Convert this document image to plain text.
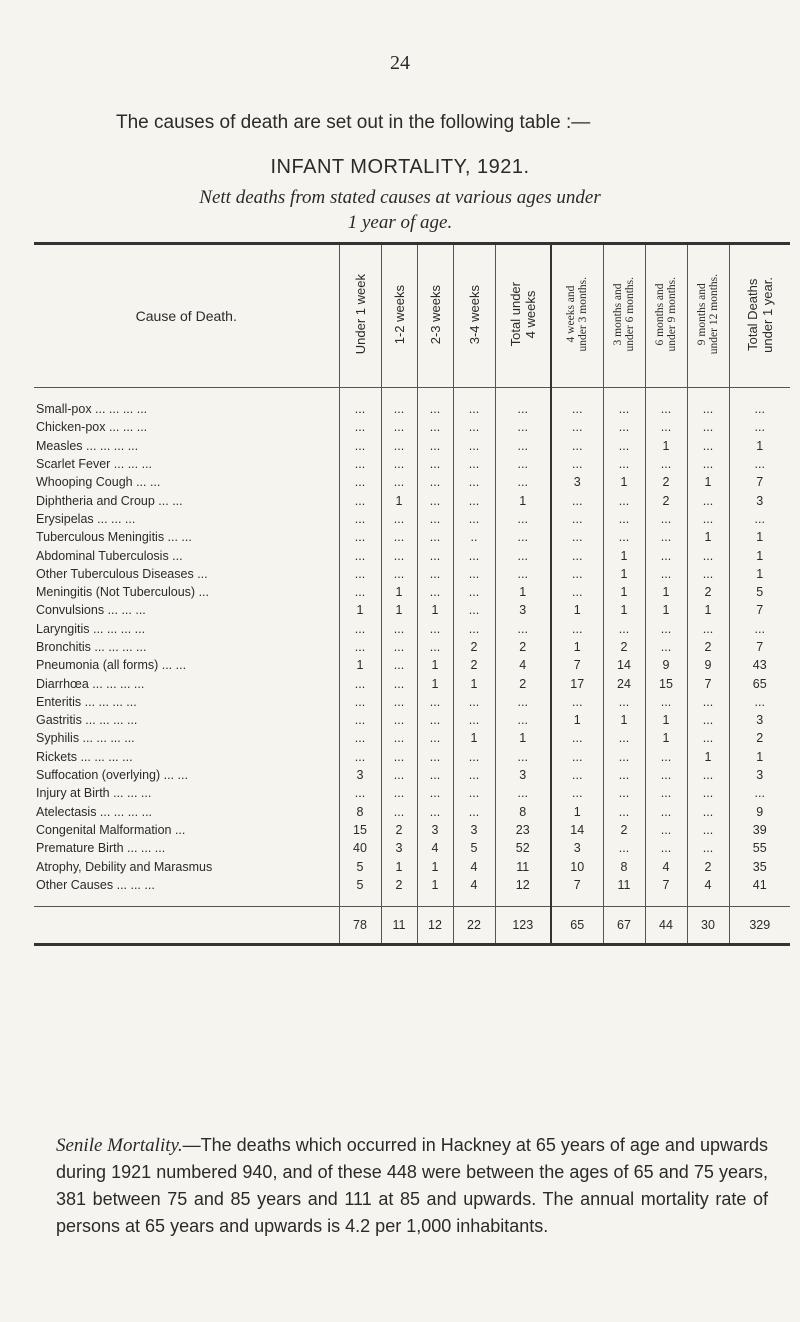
24
The causes of death are set out in the following table :—
INFANT MORTALITY, 1921.
Nett deaths from stated causes at various ages under
1 year of age.
Cause of Death.	Under 1 week	1-2 weeks	2-3 weeks	3-4 weeks	Total under 4 weeks	4 weeks and under 3 months.	3 months and under 6 months.	6 months and under 9 months.	9 months and under 12 months.	Total Deaths under 1 year.

Small-pox ... ... ... ...	...	...	...	...	...	...	...	...	...	...
Chicken-pox ... ... ...	...	...	...	...	...	...	...	...	...	...
Measles ... ... ... ...	...	...	...	...	...	...	...	1	...	1
Scarlet Fever ... ... ...	...	...	...	...	...	...	...	...	...	...
Whooping Cough ... ...	...	...	...	...	...	3	1	2	1	7
Diphtheria and Croup ... ...	...	1	...	...	1	...	...	2	...	3
Erysipelas ... ... ...	...	...	...	...	...	...	...	...	...	...
Tuberculous Meningitis ... ...	...	...	...	..	...	...	...	...	1	1
Abdominal Tuberculosis ...	...	...	...	...	...	...	1	...	...	1
Other Tuberculous Diseases ...	...	...	...	...	...	...	1	...	...	1
Meningitis (Not Tuberculous) ...	...	1	...	...	1	...	1	1	2	5
Convulsions ... ... ...	1	1	1	...	3	1	1	1	1	7
Laryngitis ... ... ... ...	...	...	...	...	...	...	...	...	...	...
Bronchitis ... ... ... ...	...	...	...	2	2	1	2	...	2	7
Pneumonia (all forms) ... ...	1	...	1	2	4	7	14	9	9	43
Diarrhœa ... ... ... ...	...	...	1	1	2	17	24	15	7	65
Enteritis ... ... ... ...	...	...	...	...	...	...	...	...	...	...
Gastritis ... ... ... ...	...	...	...	...	...	1	1	1	...	3
Syphilis ... ... ... ...	...	...	...	1	1	...	...	1	...	2
Rickets ... ... ... ...	...	...	...	...	...	...	...	...	1	1
Suffocation (overlying) ... ...	3	...	...	...	3	...	...	...	...	3
Injury at Birth ... ... ...	...	...	...	...	...	...	...	...	...	...
Atelectasis ... ... ... ...	8	...	...	...	8	1	...	...	...	9
Congenital Malformation ...	15	2	3	3	23	14	2	...	...	39
Premature Birth ... ... ...	40	3	4	5	52	3	...	...	...	55
Atrophy, Debility and Marasmus	5	1	1	4	11	10	8	4	2	35
Other Causes ... ... ...	5	2	1	4	12	7	11	7	4	41

	78	11	12	22	123	65	67	44	30	329
Senile Mortality.—The deaths which occurred in Hackney at 65 years of age and upwards during 1921 numbered 940, and of these 448 were between the ages of 65 and 75 years, 381 between 75 and 85 years and 111 at 85 and upwards. The annual mortality rate of persons at 65 years and upwards is 4.2 per 1,000 inhabitants.
